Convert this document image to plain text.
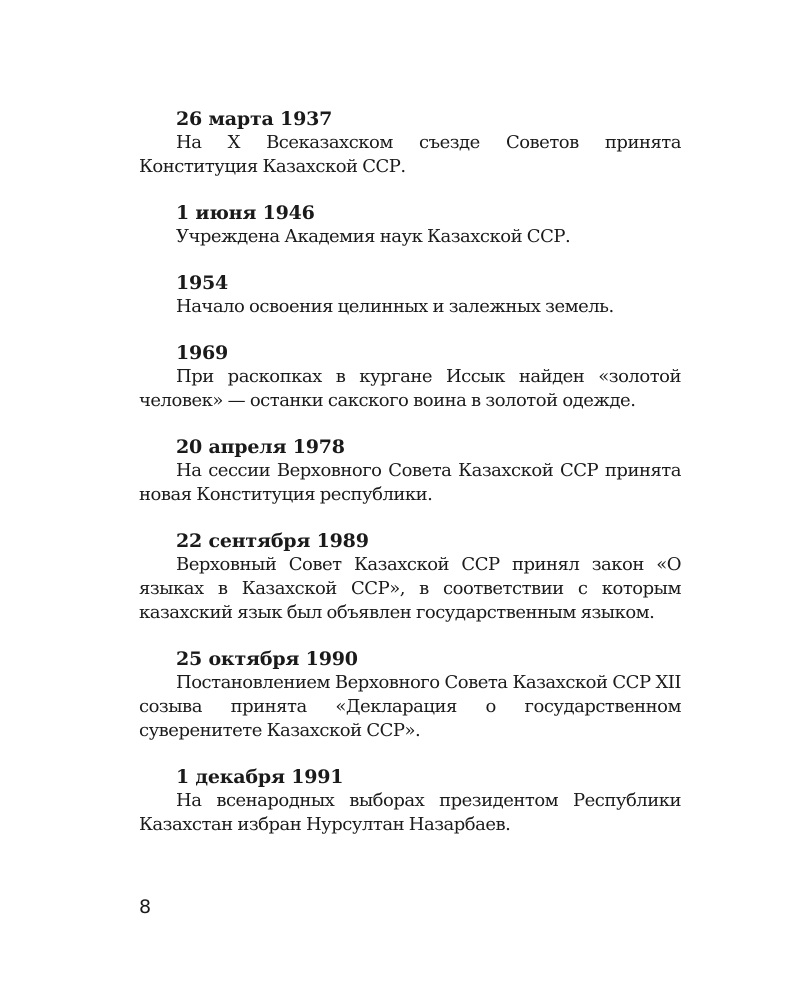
26 марта 1937
На X Всеказахском съезде Советов принята Конституция Казахской ССР.
1 июня 1946
Учреждена Академия наук Казахской ССР.
1954
Начало освоения целинных и залежных земель.
1969
При раскопках в кургане Иссык найден «золотой человек» — останки сакского воина в золотой одежде.
20 апреля 1978
На сессии Верховного Совета Казахской ССР принята новая Конституция республики.
22 сентября 1989
Верховный Совет Казахской ССР принял закон «О языках в Казахской ССР», в соответствии с которым казахский язык был объявлен государственным языком.
25 октября 1990
Постановлением Верховного Совета Казахской ССР XII созыва принята «Декларация о государственном суверенитете Казахской ССР».
1 декабря 1991
На всенародных выборах президентом Республики Казахстан избран Нурсултан Назарбаев.
8
